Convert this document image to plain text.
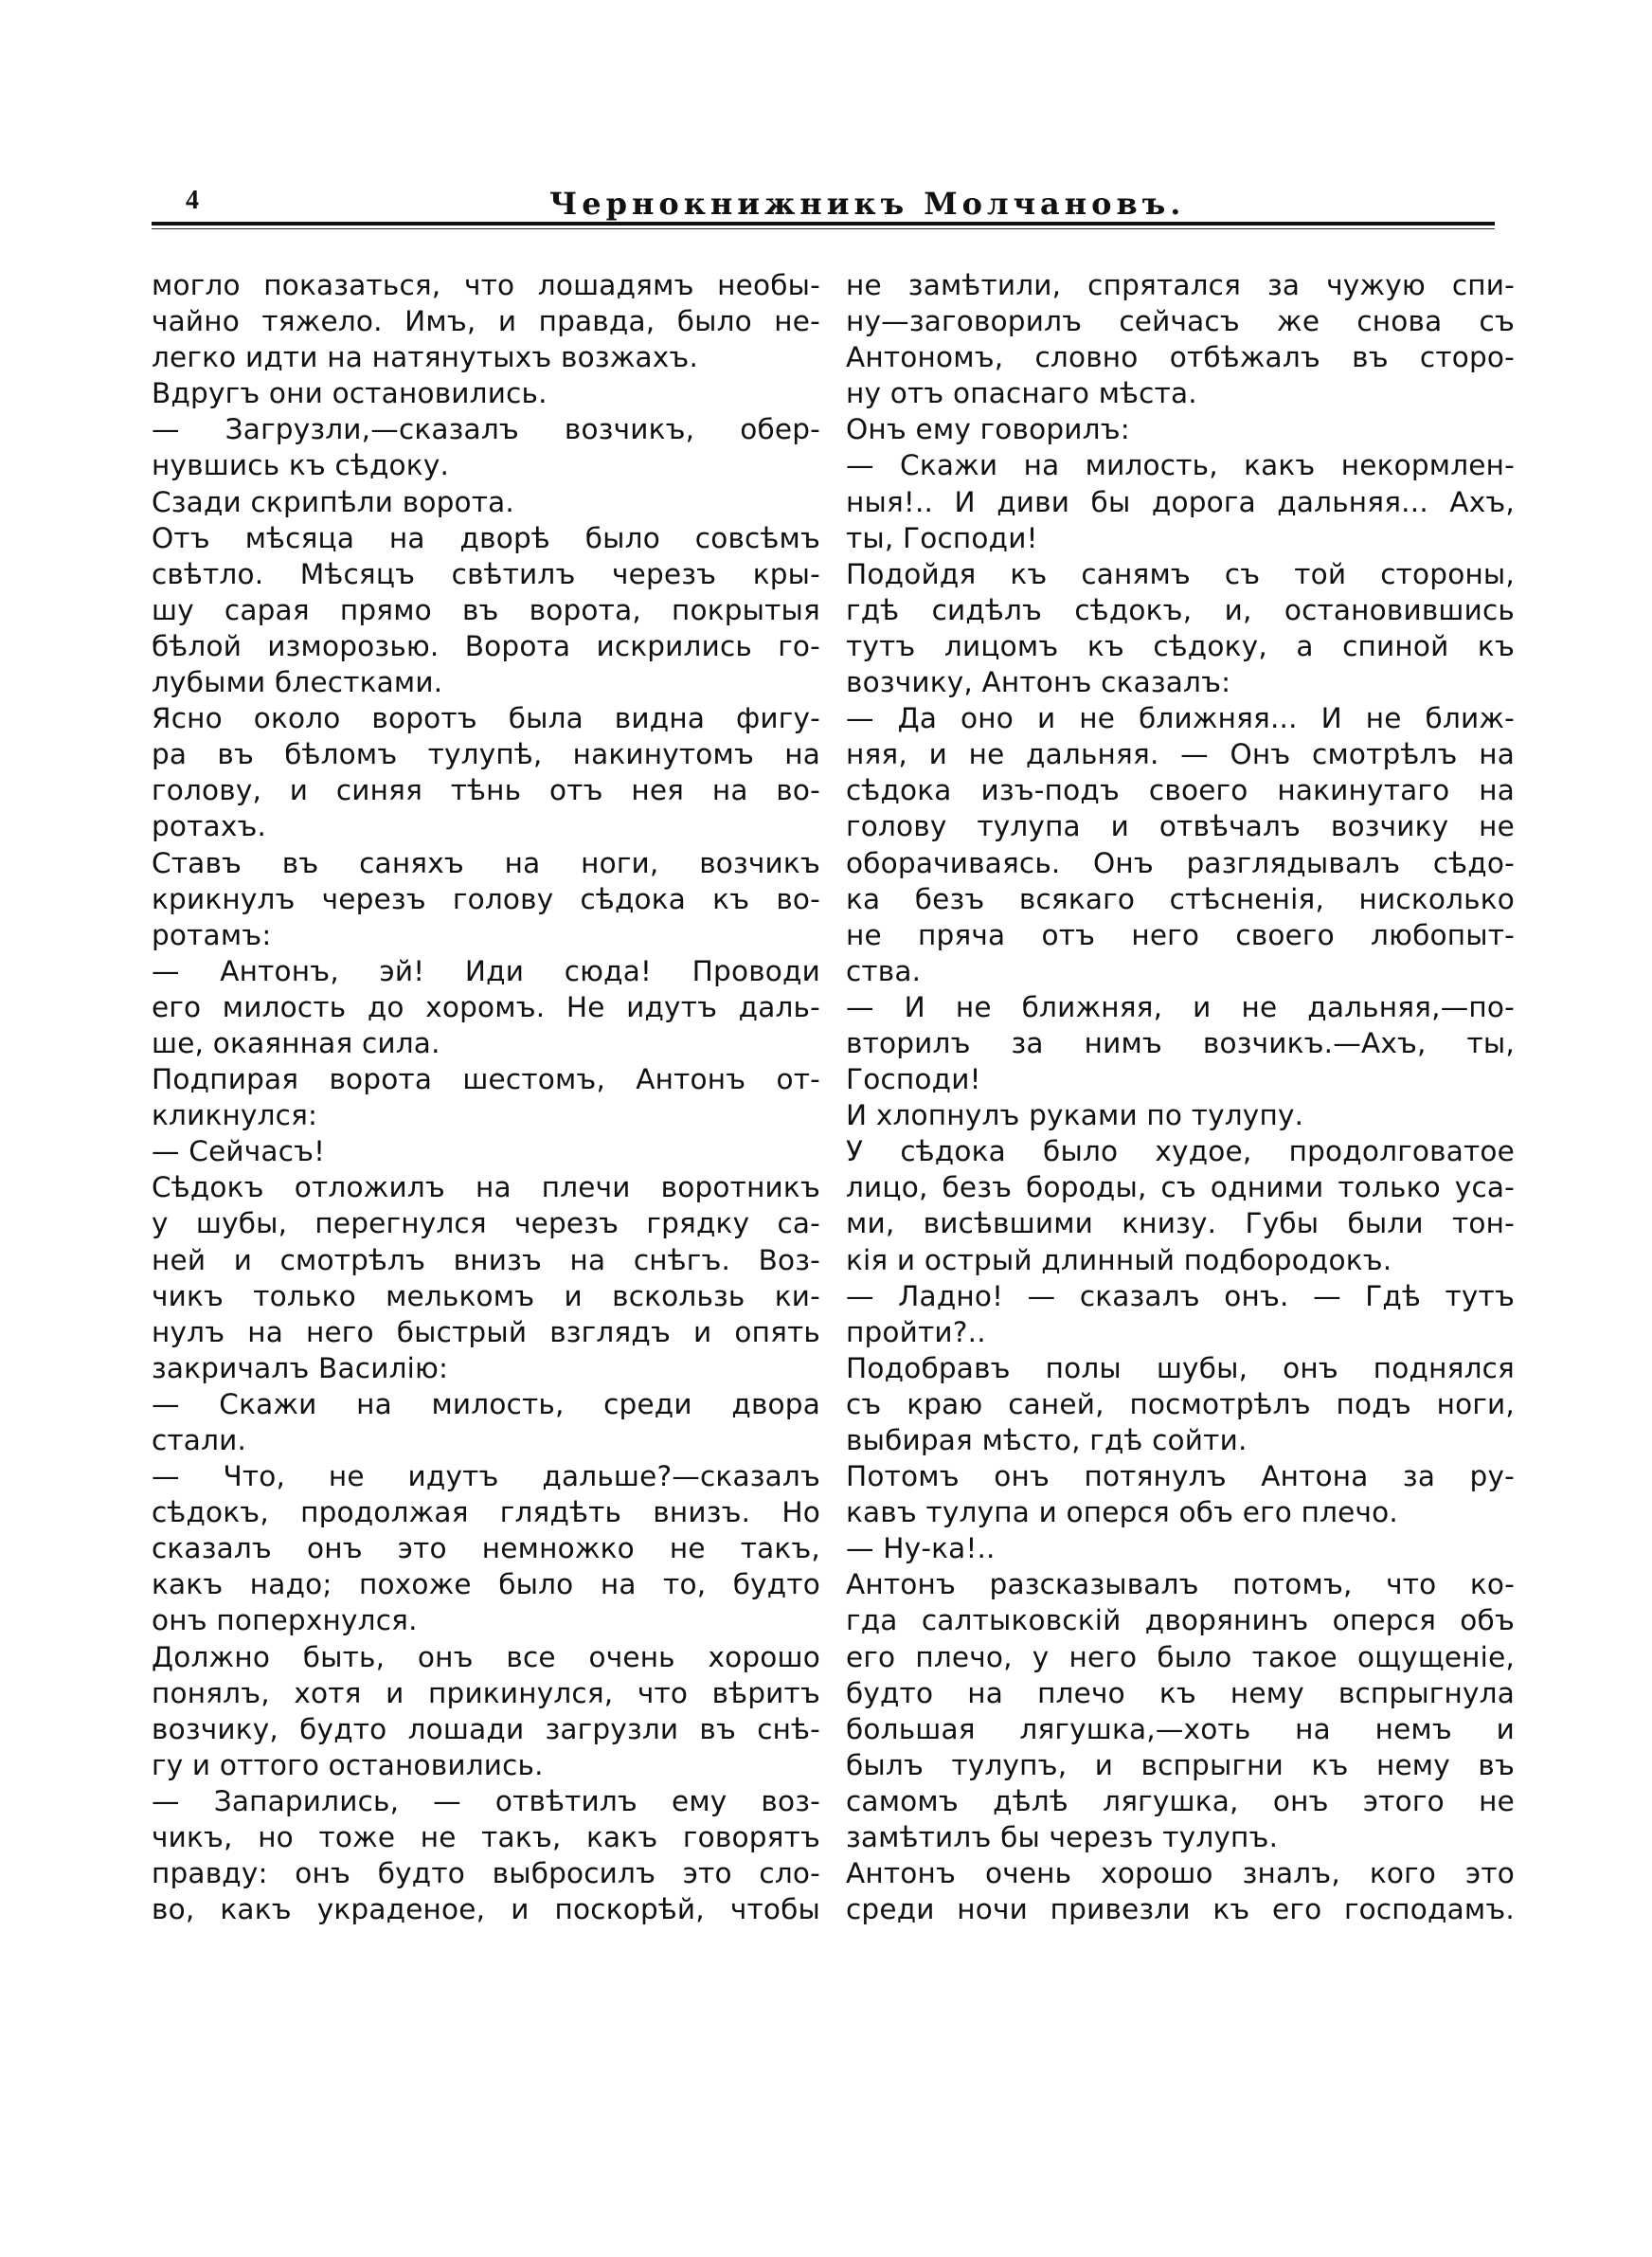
4	Чернокнижникъ Молчановъ.
могло показаться, что лошадямъ необы-
чайно тяжело. Имъ, и правда, было не-
легко идти на натянутыхъ возжахъ.
Вдругъ они остановились.
— Загрузли,—сказалъ возчикъ, обер-
нувшись къ сѣдоку.
Сзади скрипѣли ворота.
Отъ мѣсяца на дворѣ было совсѣмъ
свѣтло. Мѣсяцъ свѣтилъ черезъ кры-
шу сарая прямо въ ворота, покрытыя
бѣлой изморозью. Ворота искрились го-
лубыми блестками.
Ясно около воротъ была видна фигу-
ра въ бѣломъ тулупѣ, накинутомъ на
голову, и синяя тѣнь отъ нея на во-
ротахъ.
Ставъ въ саняхъ на ноги, возчикъ
крикнулъ черезъ голову сѣдока къ во-
ротамъ:
— Антонъ, эй! Иди сюда! Проводи
его милость до хоромъ. Не идутъ даль-
ше, окаянная сила.
Подпирая ворота шестомъ, Антонъ от-
кликнулся:
— Сейчасъ!
Сѣдокъ отложилъ на плечи воротникъ
у шубы, перегнулся черезъ грядку са-
ней и смотрѣлъ внизъ на снѣгъ. Воз-
чикъ только мелькомъ и вскользь ки-
нулъ на него быстрый взглядъ и опять
закричалъ Василію:
— Скажи на милость, среди двора
стали.
— Что, не идутъ дальше?—сказалъ
сѣдокъ, продолжая глядѣть внизъ. Но
сказалъ онъ это немножко не такъ,
какъ надо; похоже было на то, будто
онъ поперхнулся.
Должно быть, онъ все очень хорошо
понялъ, хотя и прикинулся, что вѣритъ
возчику, будто лошади загрузли въ снѣ-
гу и оттого остановились.
— Запарились, — отвѣтилъ ему воз-
чикъ, но тоже не такъ, какъ говорятъ
правду: онъ будто выбросилъ это сло-
во, какъ украденое, и поскорѣй, чтобы
не замѣтили, спрятался за чужую спи-
ну—заговорилъ сейчасъ же снова съ
Антономъ, словно отбѣжалъ въ сторо-
ну отъ опаснаго мѣста.
Онъ ему говорилъ:
— Скажи на милость, какъ некормлен-
ныя!.. И диви бы дорога дальняя... Ахъ,
ты, Господи!
Подойдя къ санямъ съ той стороны,
гдѣ сидѣлъ сѣдокъ, и, остановившись
тутъ лицомъ къ сѣдоку, а спиной къ
возчику, Антонъ сказалъ:
— Да оно и не ближняя... И не ближ-
няя, и не дальняя. — Онъ смотрѣлъ на
сѣдока изъ-подъ своего накинутаго на
голову тулупа и отвѣчалъ возчику не
оборачиваясь. Онъ разглядывалъ сѣдо-
ка безъ всякаго стѣсненія, нисколько
не пряча отъ него своего любопыт-
ства.
— И не ближняя, и не дальняя,—по-
вторилъ за нимъ возчикъ.—Ахъ, ты,
Господи!
И хлопнулъ руками по тулупу.
У сѣдока было худое, продолговатое
лицо, безъ бороды, съ одними только уса-
ми, висѣвшими книзу. Губы были тон-
кія и острый длинный подбородокъ.
— Ладно! — сказалъ онъ. — Гдѣ тутъ
пройти?..
Подобравъ полы шубы, онъ поднялся
съ краю саней, посмотрѣлъ подъ ноги,
выбирая мѣсто, гдѣ сойти.
Потомъ онъ потянулъ Антона за ру-
кавъ тулупа и оперся объ его плечо.
— Ну-ка!..
Антонъ разсказывалъ потомъ, что ко-
гда салтыковскій дворянинъ оперся объ
его плечо, у него было такое ощущеніе,
будто на плечо къ нему вспрыгнула
большая лягушка,—хоть на немъ и
былъ тулупъ, и вспрыгни къ нему въ
самомъ дѣлѣ лягушка, онъ этого не
замѣтилъ бы черезъ тулупъ.
Антонъ очень хорошо зналъ, кого это
среди ночи привезли къ его господамъ.
